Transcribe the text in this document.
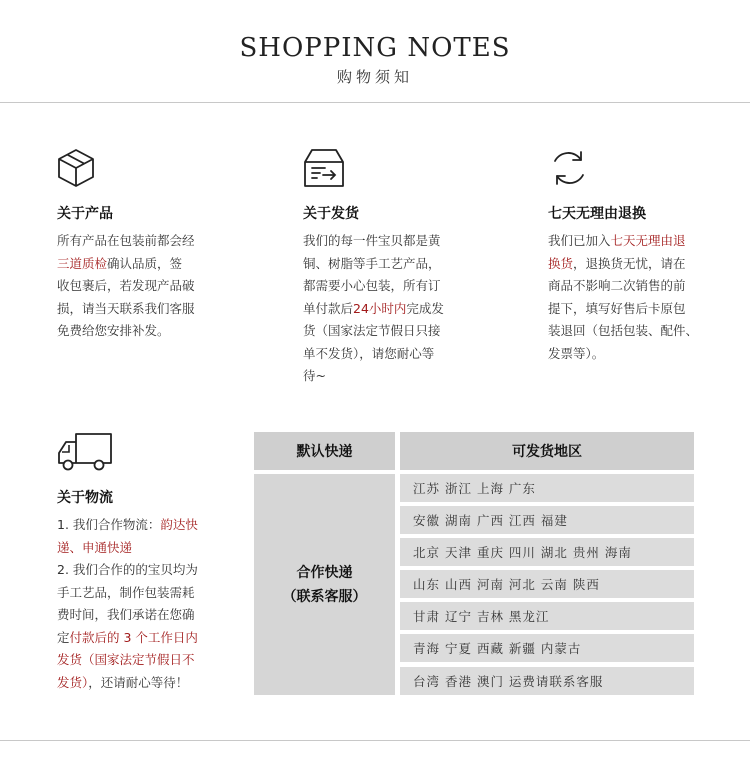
SHOPPING NOTES
购物须知
关于产品
所有产品在包装前都会经
三道质检确认品质，签
收包裹后，若发现产品破
损，请当天联系我们客服
免费给您安排补发。
关于发货
我们的每一件宝贝都是黄
铜、树脂等手工艺产品，
都需要小心包装，所有订
单付款后24小时内完成发
货（国家法定节假日只接
单不发货），请您耐心等
待~
七天无理由退换
我们已加入七天无理由退
换货，退换货无忧，请在
商品不影响二次销售的前
提下，填写好售后卡原包
装退回（包括包装、配件、
发票等）。
关于物流
1. 我们合作物流：韵达快
递、申通快递
2. 我们合作的的宝贝均为
手工艺品，制作包装需耗
费时间，我们承诺在您确
定付款后的 3 个工作日内
发货（国家法定节假日不
发货），还请耐心等待！
默认快递	可发货地区
合作快递
（联系客服）
江苏 浙江 上海 广东
安徽 湖南 广西 江西 福建
北京 天津 重庆 四川 湖北 贵州 海南
山东 山西 河南 河北 云南 陕西
甘肃 辽宁 吉林 黑龙江
青海 宁夏 西藏 新疆 内蒙古
台湾 香港 澳门 运费请联系客服
